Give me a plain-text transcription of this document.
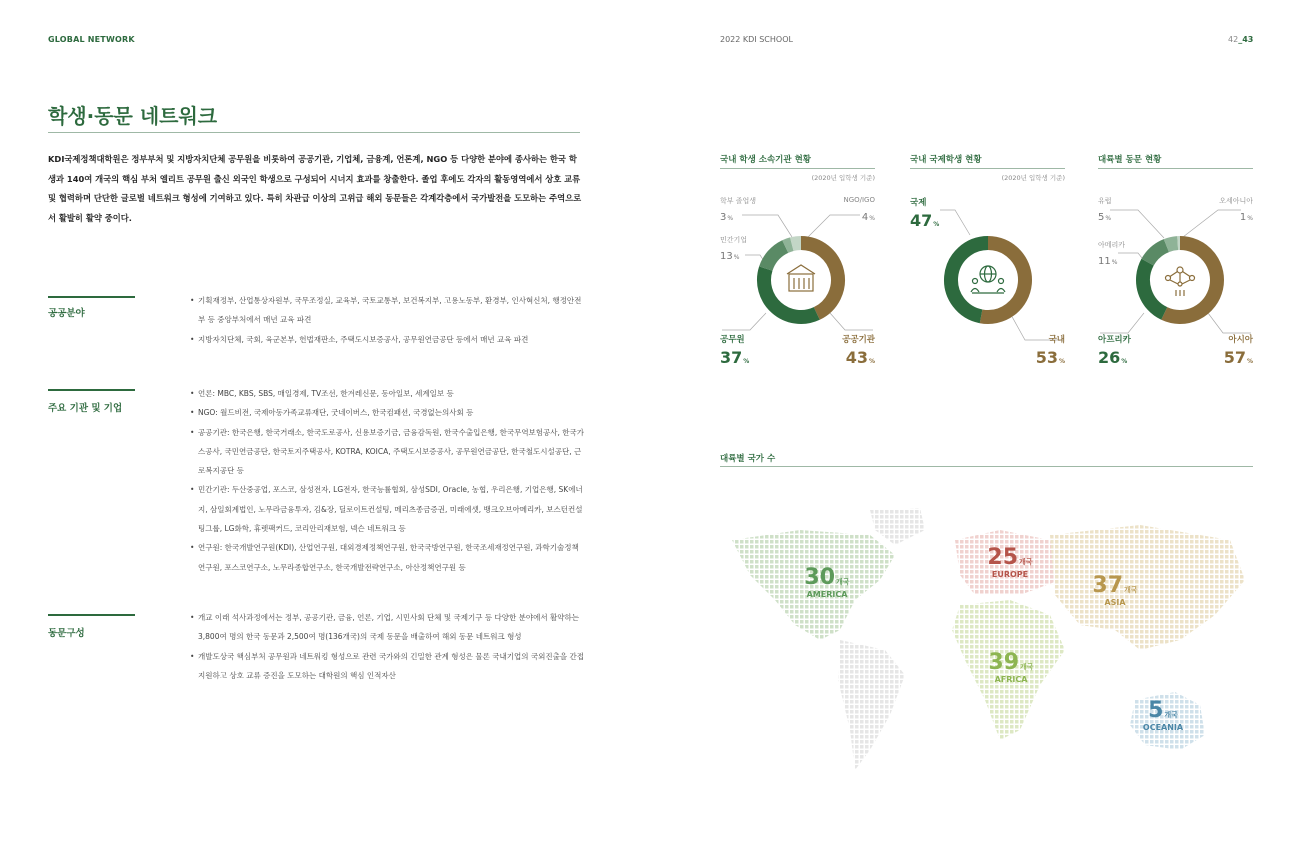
GLOBAL NETWORK	2022 KDI SCHOOL	42_43
학생·동문 네트워크
KDI국제정책대학원은 정부부처 및 지방자치단체 공무원을 비롯하여 공공기관, 기업체, 금융계, 언론계, NGO 등 다양한 분야에 종사하는 한국 학생과 140여 개국의 핵심 부처 엘리트 공무원 출신 외국인 학생으로 구성되어 시너지 효과를 창출한다. 졸업 후에도 각자의 활동영역에서 상호 교류 및 협력하며 단단한 글로벌 네트워크 형성에 기여하고 있다. 특히 차관급 이상의 고위급 해외 동문들은 각계각층에서 국가발전을 도모하는 주역으로서 활발히 활약 중이다.
공공분야
• 기획재정부, 산업통상자원부, 국무조정실, 교육부, 국토교통부, 보건복지부, 고용노동부, 환경부, 인사혁신처, 행정안전부 등 중앙부처에서 매년 교육 파견
• 지방자치단체, 국회, 육군본부, 헌법재판소, 주택도시보증공사, 공무원연금공단 등에서 매년 교육 파견
주요 기관 및 기업
• 언론: MBC, KBS, SBS, 매일경제, TV조선, 한겨레신문, 동아일보, 세계일보 등
• NGO: 월드비전, 국제아동가족교류재단, 굿네이버스, 한국컴패션, 국경없는의사회 등
• 공공기관: 한국은행, 한국거래소, 한국도로공사, 신용보증기금, 금융감독원, 한국수출입은행, 한국무역보험공사, 한국가스공사, 국민연금공단, 한국토지주택공사, KOTRA, KOICA, 주택도시보증공사, 공무원연금공단, 한국철도시설공단, 근로복지공단 등
• 민간기관: 두산중공업, 포스코, 삼성전자, LG전자, 한국능률협회, 삼성SDI, Oracle, 농협, 우리은행, 기업은행, SK에너지, 삼일회계법인, 노무라금융투자, 김&장, 딜로이트컨설팅, 메리츠종금증권, 미래에셋, 뱅크오브아메리카, 보스턴컨설팅그룹, LG화학, 휴렛팩커드, 코리안리재보험, 넥슨 네트워크 등
• 연구원: 한국개발연구원(KDI), 산업연구원, 대외경제정책연구원, 한국국방연구원, 한국조세재정연구원, 과학기술정책연구원, 포스코연구소, 노무라종합연구소, 한국개발전략연구소, 아산정책연구원 등
동문구성
• 개교 이래 석사과정에서는 정부, 공공기관, 금융, 언론, 기업, 시민사회 단체 및 국제기구 등 다양한 분야에서 활약하는 3,800여 명의 한국 동문과 2,500여 명(136개국)의 국제 동문을 배출하여 해외 동문 네트워크 형성
• 개발도상국 핵심부처 공무원과 네트워킹 형성으로 관련 국가와의 긴밀한 관계 형성은 물론 국내기업의 국외진출을 간접 지원하고 상호 교류 증진을 도모하는 대학원의 핵심 인적자산
국내 학생 소속기관 현황
(2020년 입학생 기준)
학부 졸업생
3%
NGO/IGO
4%
민간기업
13%
공무원
37%
공공기관
43%
국내 국제학생 현황
(2020년 입학생 기준)
국제
47%
국내
53%
대륙별 동문 현황
유럽
5%
오세아니아
1%
아메리카
11%
아프리카
26%
아시아
57%
대륙별 국가 수
30개국
AMERICA
25개국
EUROPE	37개국
ASIA
39개국
AFRICA
5개국
OCEANIA
